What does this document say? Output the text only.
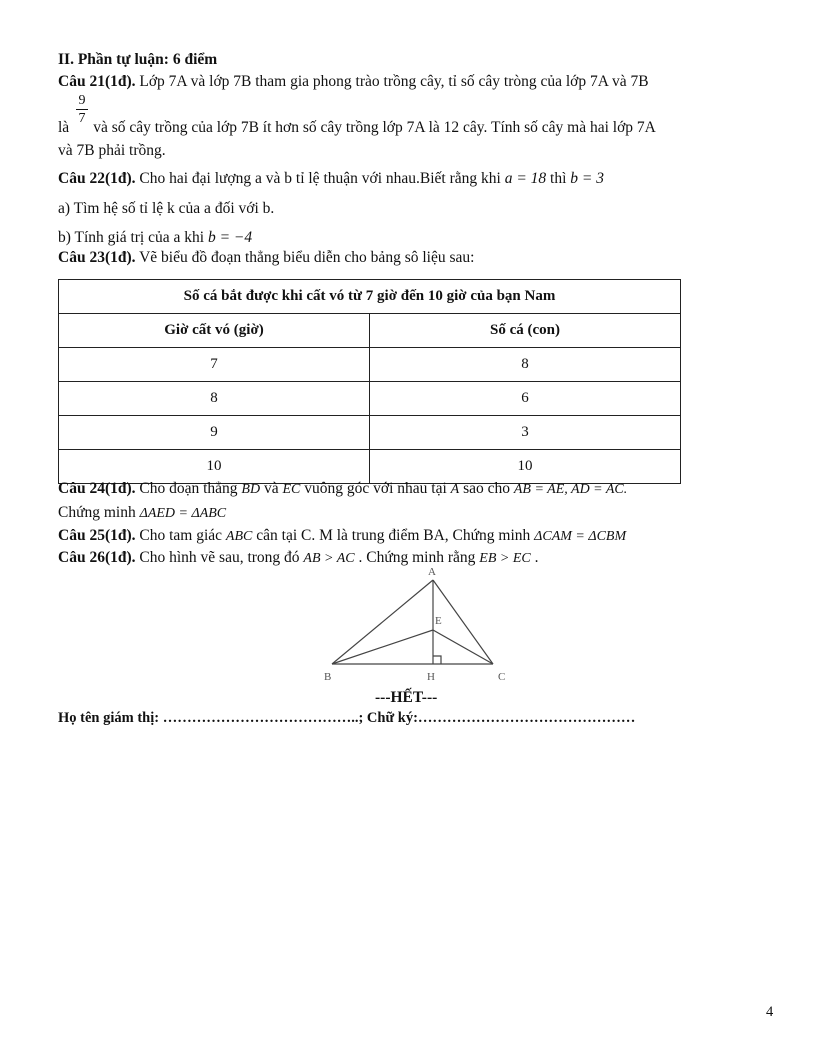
II. Phần tự luận: 6 điểm
Câu 21(1đ). Lớp 7A và lớp 7B tham gia phong trào trồng cây, tỉ số cây tròng của lớp 7A và 7B
là và số cây trồng của lớp 7B ít hơn số cây trồng lớp 7A là 12 cây. Tính số cây mà hai lớp 7A
$\frac{9}{7}$
và 7B phải trồng.
Câu 22(1đ). Cho hai đại lượng a và b tỉ lệ thuận với nhau.Biết rằng khi a = 18 thì b = 3
a) Tìm hệ số tỉ lệ k của a đối với b.
b) Tính giá trị của a khi b = −4
Câu 23(1đ). Vẽ biểu đồ đoạn thẳng biểu diễn cho bảng sô liệu sau:
Số cá bắt được khi cất vó từ 7 giờ đến 10 giờ của bạn Nam	
Giờ cất vó (giờ)	Số cá (con)
7	8
8	6
9	3
10	10
Câu 24(1đ). Cho đoạn thẳng BD và EC vuông góc với nhau tại A sao cho AB = AE, AD = AC.
Chứng minh ΔAED = ΔABC
Câu 25(1đ). Cho tam giác ABC cân tại C. M là trung điểm BA, Chứng minh ΔCAM = ΔCBM
Câu 26(1đ). Cho hình vẽ sau, trong đó AB > AC . Chứng minh rằng EB > EC .
A
E
B	H	C
---HẾT---
Họ tên giám thị: …………………………………..; Chữ ký:………………………………………
4
